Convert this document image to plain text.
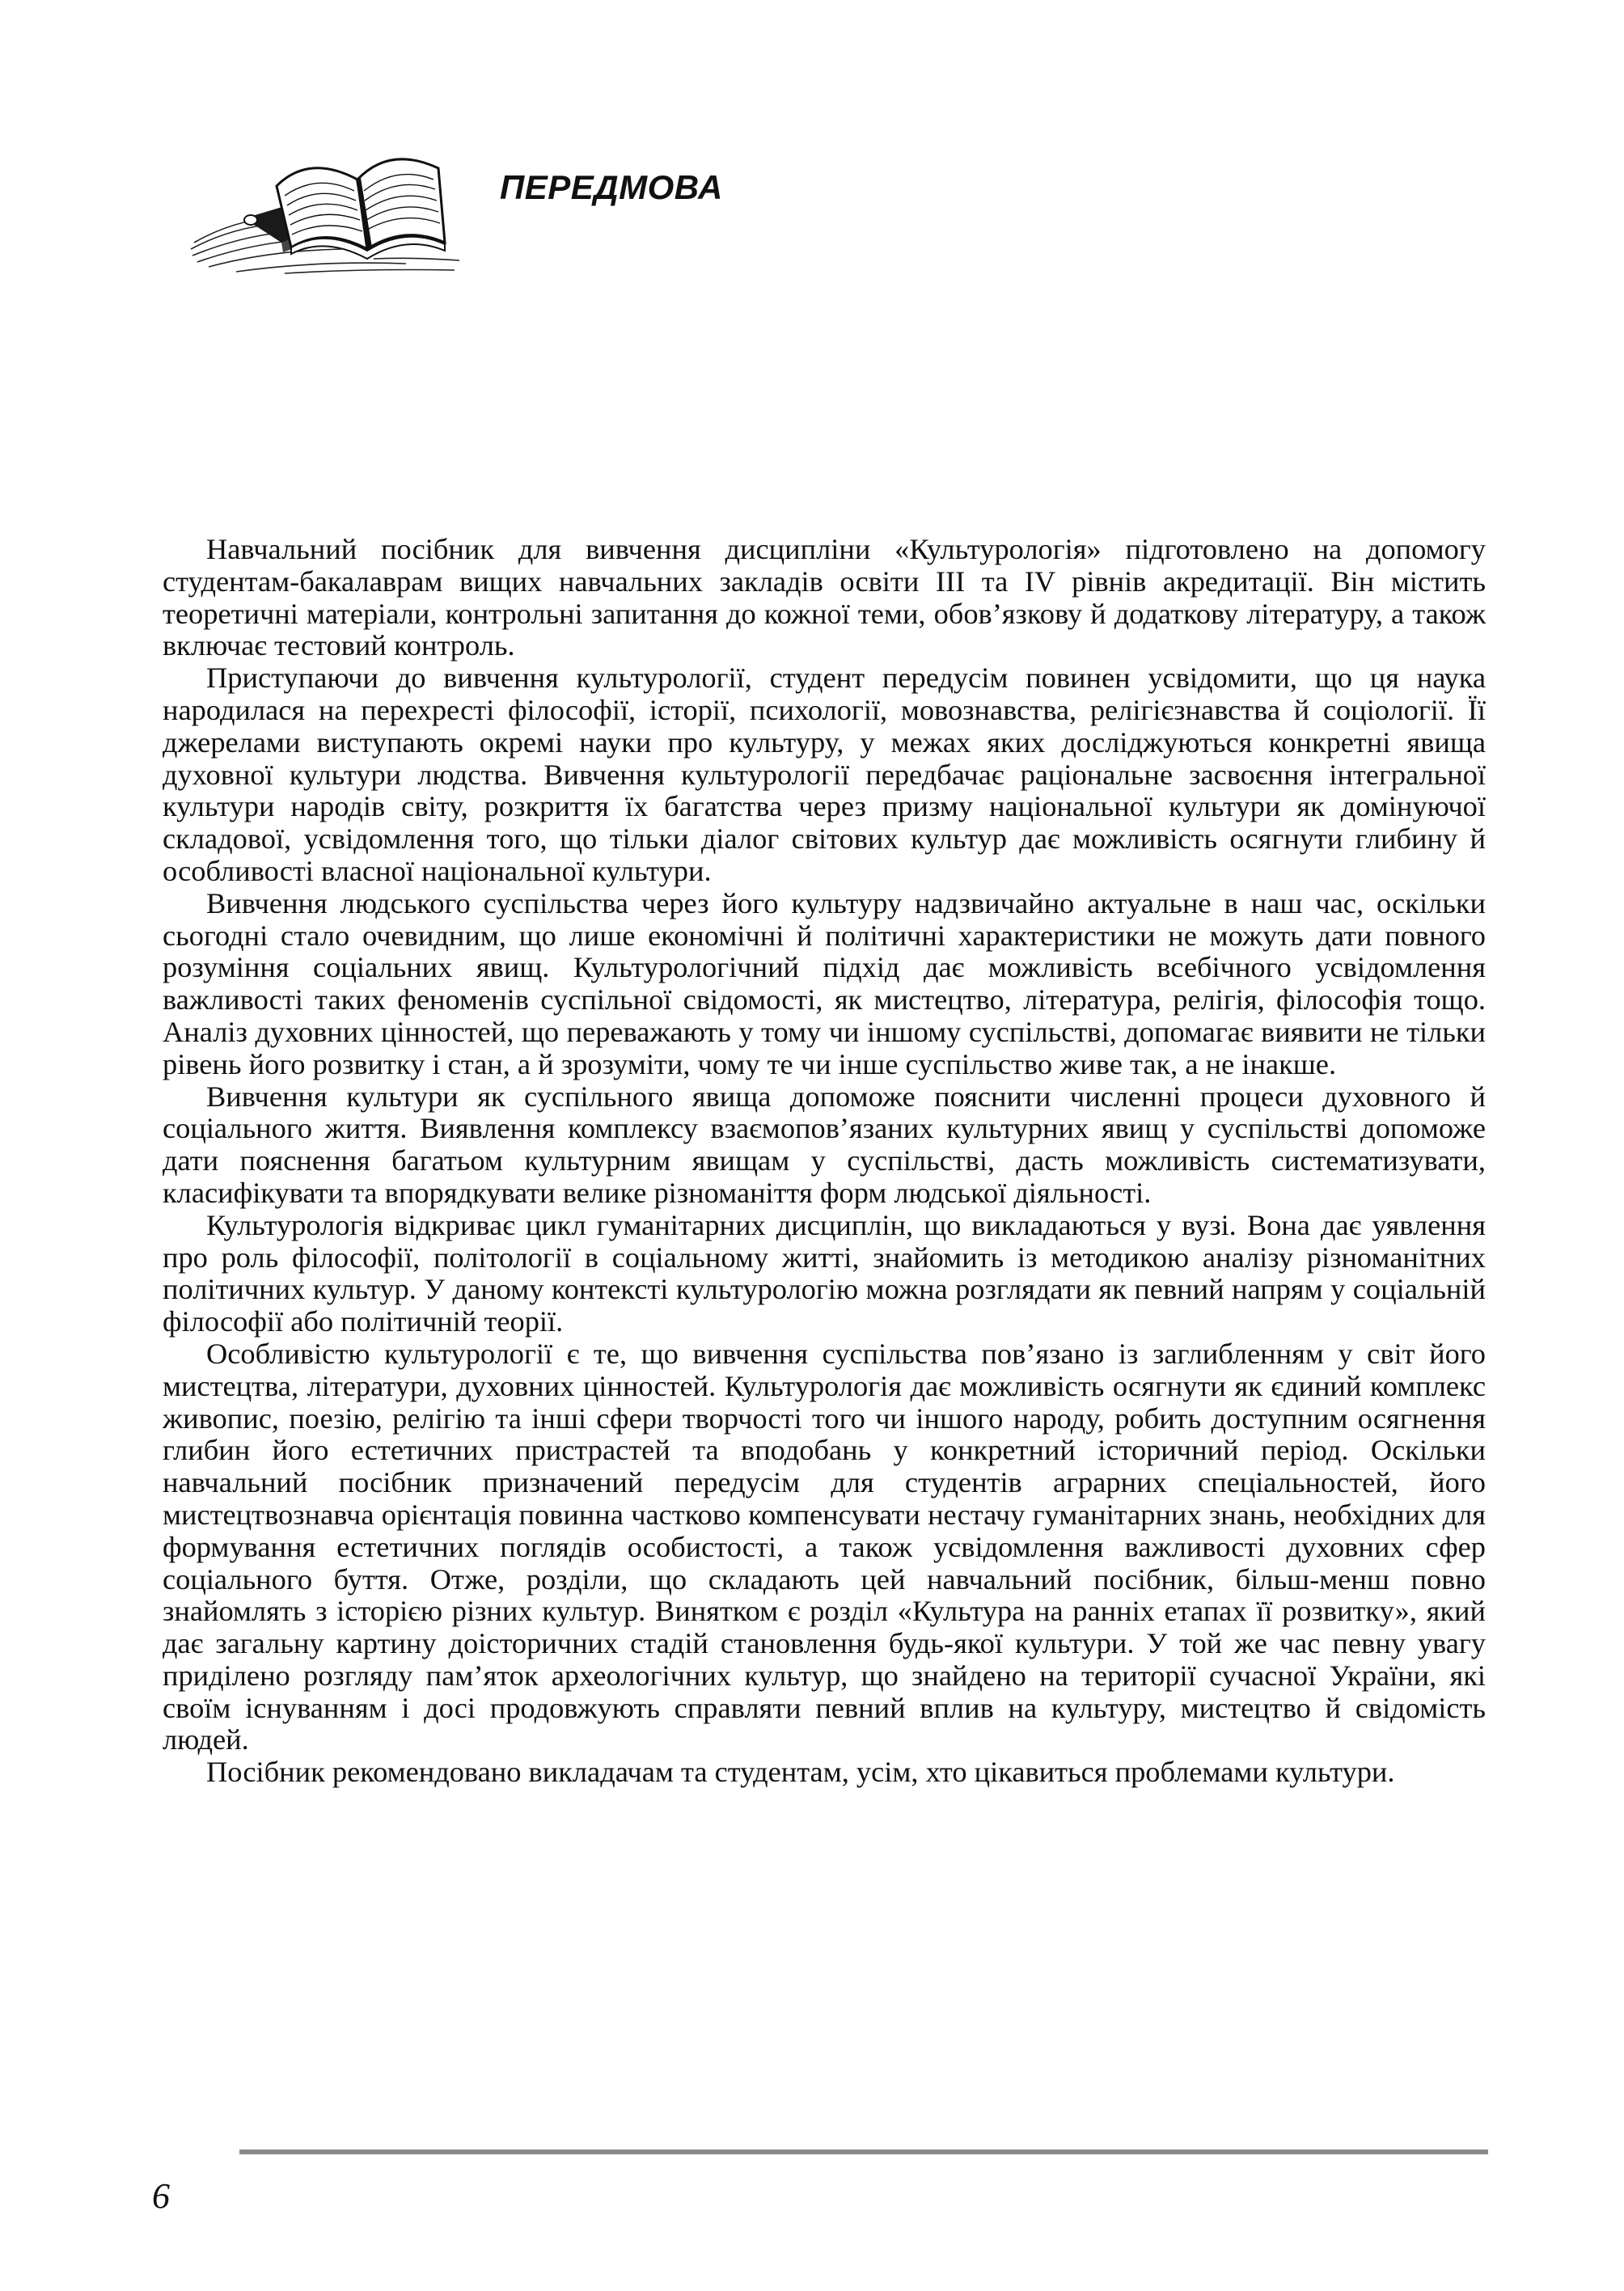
ПЕРЕДМОВА

Навчальний посібник для вивчення дисципліни «Культурологія» підготовлено на допомогу студентам-бакалаврам вищих навчальних закладів освіти III та IV рівнів акредитації. Він містить теоретичні матеріали, контрольні запитання до кожної теми, обов’язкову й додаткову літературу, а також включає тестовий контроль.

Приступаючи до вивчення культурології, студент передусім повинен усвідомити, що ця наука народилася на перехресті філософії, історії, психології, мовознавства, релігієзнавства й соціології. Її джерелами виступають окремі науки про культуру, у межах яких досліджуються конкретні явища духовної культури людства. Вивчення культурології передбачає раціональне засвоєння інтегральної культури народів світу, розкриття їх багатства через призму національної культури як домінуючої складової, усвідомлення того, що тільки діалог світових культур дає можливість осягнути глибину й особливості власної національної культури.

Вивчення людського суспільства через його культуру надзвичайно актуальне в наш час, оскільки сьогодні стало очевидним, що лише економічні й політичні характеристики не можуть дати повного розуміння соціальних явищ. Культурологічний підхід дає можливість всебічного усвідомлення важливості таких феноменів суспільної свідомості, як мистецтво, література, релігія, філософія тощо. Аналіз духовних цінностей, що переважають у тому чи іншому суспільстві, допомагає виявити не тільки рівень його розвитку і стан, а й зрозуміти, чому те чи інше суспільство живе так, а не інакше.

Вивчення культури як суспільного явища допоможе пояснити численні процеси духовного й соціального життя. Виявлення комплексу взаємопов’язаних культурних явищ у суспільстві допоможе дати пояснення багатьом культурним явищам у суспільстві, дасть можливість систематизувати, класифікувати та впорядкувати велике різноманіття форм людської діяльності.

Культурологія відкриває цикл гуманітарних дисциплін, що викладаються у вузі. Вона дає уявлення про роль філософії, політології в соціальному житті, знайомить із методикою аналізу різноманітних політичних культур. У даному контексті культурологію можна розглядати як певний напрям у соціальній філософії або політичній теорії.

Особливістю культурології є те, що вивчення суспільства пов’язано із заглибленням у світ його мистецтва, літератури, духовних цінностей. Культурологія дає можливість осягнути як єдиний комплекс живопис, поезію, релігію та інші сфери творчості того чи іншого народу, робить доступним осягнення глибин його естетичних пристрастей та вподобань у конкретний історичний період. Оскільки навчальний посібник призначений передусім для студентів аграрних спеціальностей, його мистецтвознавча орієнтація повинна частково компенсувати нестачу гуманітарних знань, необхідних для формування естетичних поглядів особистості, а також усвідомлення важливості духовних сфер соціального буття. Отже, розділи, що складають цей навчальний посібник, більш-менш повно знайомлять з історією різних культур. Винятком є розділ «Культура на ранніх етапах її розвитку», який дає загальну картину доісторичних стадій становлення будь-якої культури. У той же час певну увагу приділено розгляду пам’яток археологічних культур, що знайдено на території сучасної України, які своїм існуванням і досі продовжують справляти певний вплив на культуру, мистецтво й свідомість людей.

Посібник рекомендовано викладачам та студентам, усім, хто цікавиться проблемами культури.

6
